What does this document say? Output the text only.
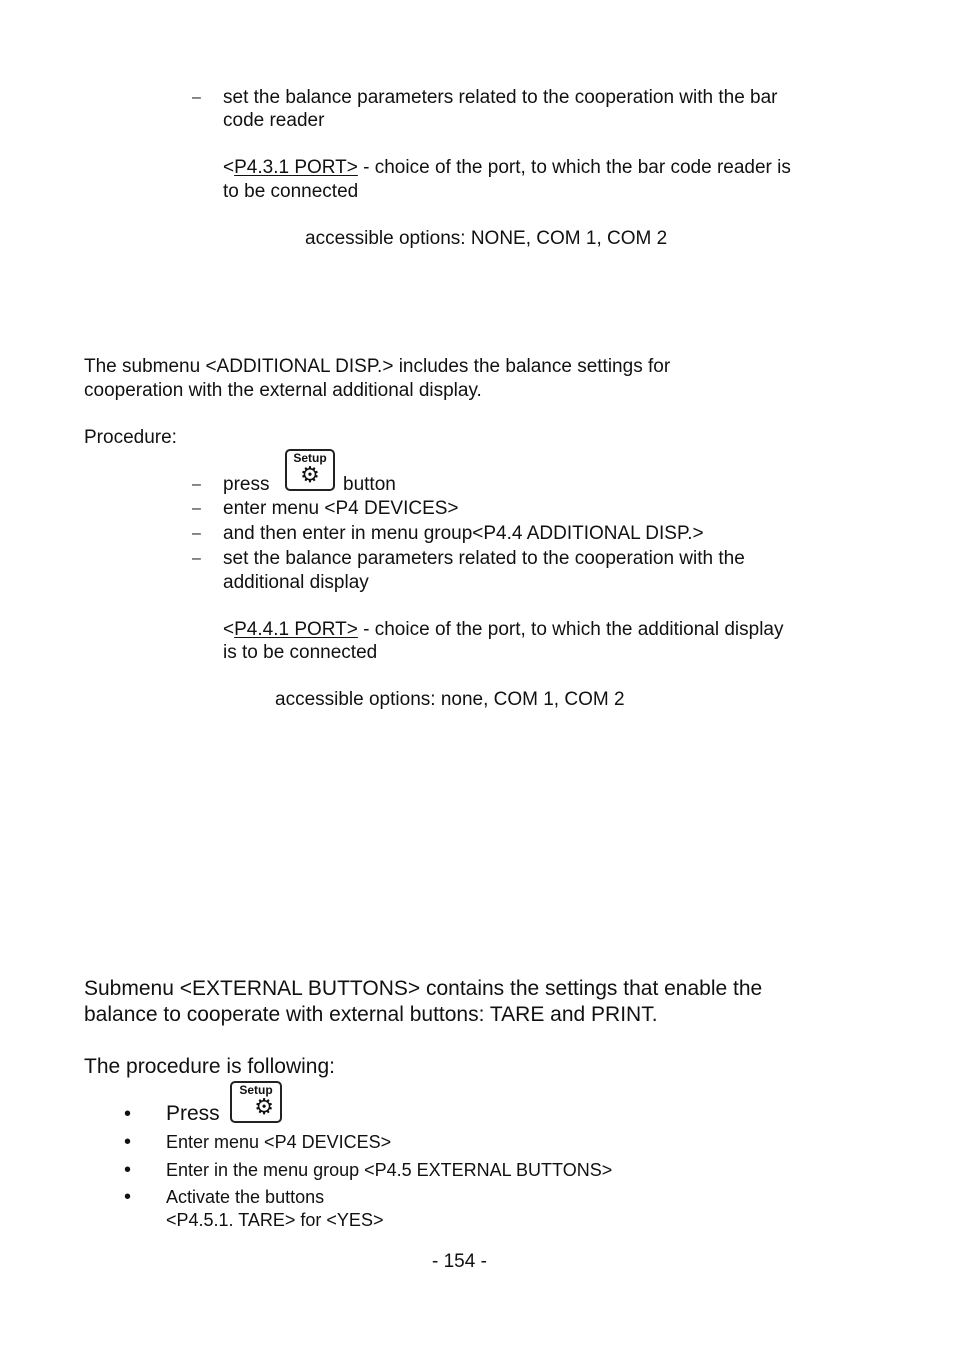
– set the balance parameters related to the cooperation with the bar
code reader
<P4.3.1 PORT> - choice of the port, to which the bar code reader is
to be connected
accessible options: NONE, COM 1, COM 2
The submenu <ADDITIONAL DISP.> includes the balance settings for
cooperation with the external additional display.
Procedure:
– press
Setup
⚙	button
– enter menu <P4 DEVICES>
– and then enter in menu group<P4.4 ADDITIONAL DISP.>
– set the balance parameters related to the cooperation with the
additional display
<P4.4.1 PORT> - choice of the port, to which the additional display
is to be connected
accessible options: none, COM 1, COM 2
Submenu <EXTERNAL BUTTONS> contains the settings that enable the
balance to cooperate with external buttons: TARE and PRINT.
The procedure is following:
• Press
Setup
⚙
• Enter menu <P4 DEVICES>
• Enter in the menu group <P4.5 EXTERNAL BUTTONS>
• Activate the buttons
<P4.5.1. TARE> for <YES>
- 154 -
